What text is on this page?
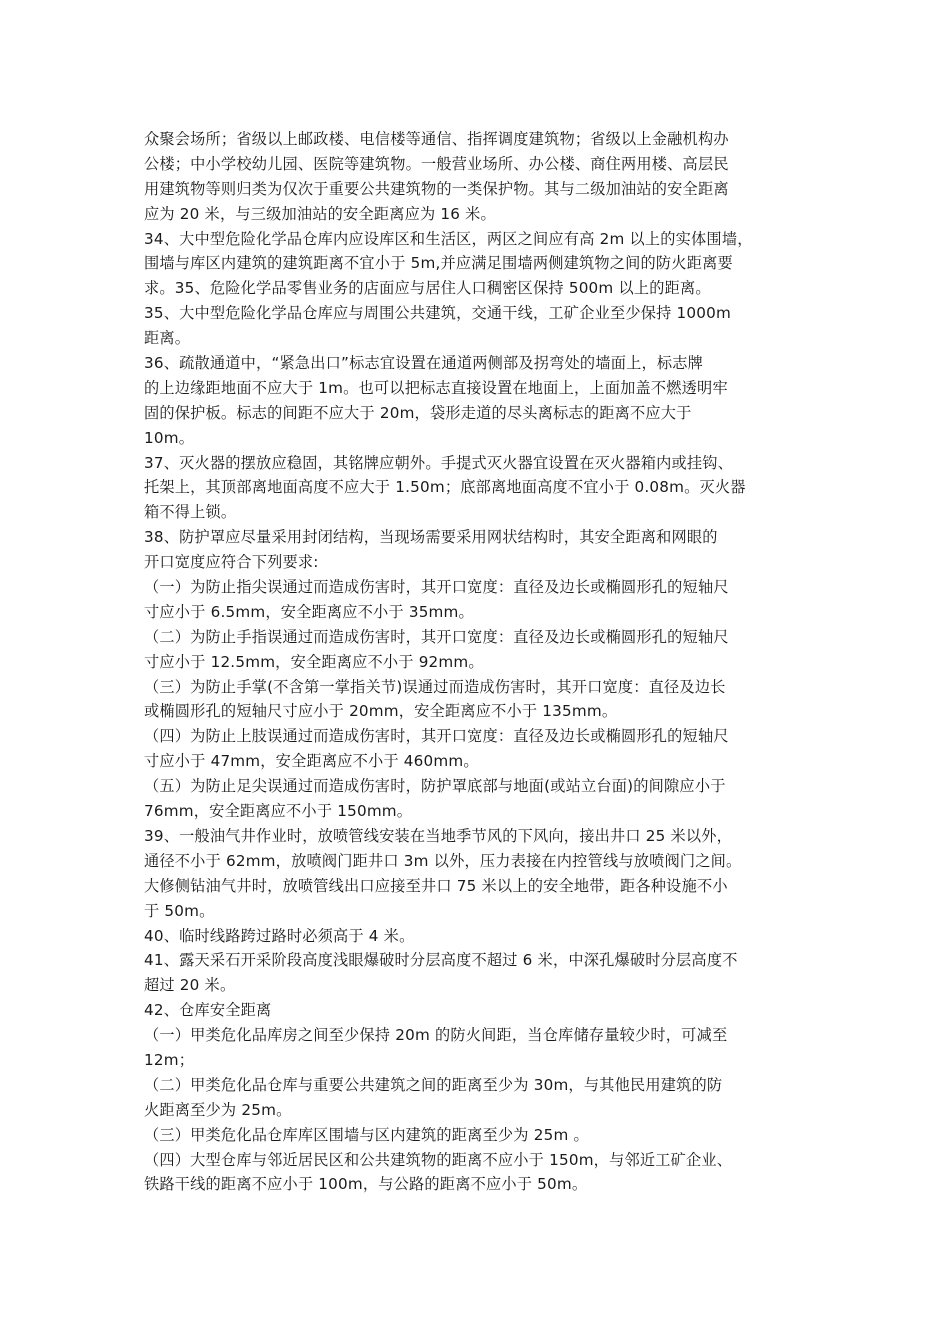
众聚会场所；省级以上邮政楼、电信楼等通信、指挥调度建筑物；省级以上金融机构办
公楼；中小学校幼儿园、医院等建筑物。一般营业场所、办公楼、商住两用楼、高层民
用建筑物等则归类为仅次于重要公共建筑物的一类保护物。其与二级加油站的安全距离
应为 20 米，与三级加油站的安全距离应为 16 米。
34、大中型危险化学品仓库内应设库区和生活区，两区之间应有高 2m 以上的实体围墙，
围墙与库区内建筑的建筑距离不宜小于 5m,并应满足围墙两侧建筑物之间的防火距离要
求。35、危险化学品零售业务的店面应与居住人口稠密区保持 500m 以上的距离。
35、大中型危险化学品仓库应与周围公共建筑，交通干线，工矿企业至少保持 1000m
距离。
36、疏散通道中，“紧急出口”标志宜设置在通道两侧部及拐弯处的墙面上，标志牌
的上边缘距地面不应大于 1m。也可以把标志直接设置在地面上，上面加盖不燃透明牢
固的保护板。标志的间距不应大于 20m，袋形走道的尽头离标志的距离不应大于
10m。
37、灭火器的摆放应稳固，其铭牌应朝外。手提式灭火器宜设置在灭火器箱内或挂钩、
托架上，其顶部离地面高度不应大于 1.50m；底部离地面高度不宜小于 0.08m。灭火器
箱不得上锁。
38、防护罩应尽量采用封闭结构，当现场需要采用网状结构时，其安全距离和网眼的
开口宽度应符合下列要求:
（一）为防止指尖误通过而造成伤害时，其开口宽度：直径及边长或椭圆形孔的短轴尺
寸应小于 6.5mm，安全距离应不小于 35mm。
（二）为防止手指误通过而造成伤害时，其开口宽度：直径及边长或椭圆形孔的短轴尺
寸应小于 12.5mm，安全距离应不小于 92mm。
（三）为防止手掌(不含第一掌指关节)误通过而造成伤害时，其开口宽度：直径及边长
或椭圆形孔的短轴尺寸应小于 20mm，安全距离应不小于 135mm。
（四）为防止上肢误通过而造成伤害时，其开口宽度：直径及边长或椭圆形孔的短轴尺
寸应小于 47mm，安全距离应不小于 460mm。
（五）为防止足尖误通过而造成伤害时，防护罩底部与地面(或站立台面)的间隙应小于
76mm，安全距离应不小于 150mm。
39、一般油气井作业时，放喷管线安装在当地季节风的下风向，接出井口 25 米以外，
通径不小于 62mm，放喷阀门距井口 3m 以外，压力表接在内控管线与放喷阀门之间。
大修侧钻油气井时，放喷管线出口应接至井口 75 米以上的安全地带，距各种设施不小
于 50m。
40、临时线路跨过路时必须高于 4 米。
41、露天采石开采阶段高度浅眼爆破时分层高度不超过 6 米，中深孔爆破时分层高度不
超过 20 米。
42、仓库安全距离
（一）甲类危化品库房之间至少保持 20m 的防火间距，当仓库储存量较少时，可减至
12m；
（二）甲类危化品仓库与重要公共建筑之间的距离至少为 30m，与其他民用建筑的防
火距离至少为 25m。
（三）甲类危化品仓库库区围墙与区内建筑的距离至少为 25m 。
（四）大型仓库与邻近居民区和公共建筑物的距离不应小于 150m，与邻近工矿企业、
铁路干线的距离不应小于 100m，与公路的距离不应小于 50m。
